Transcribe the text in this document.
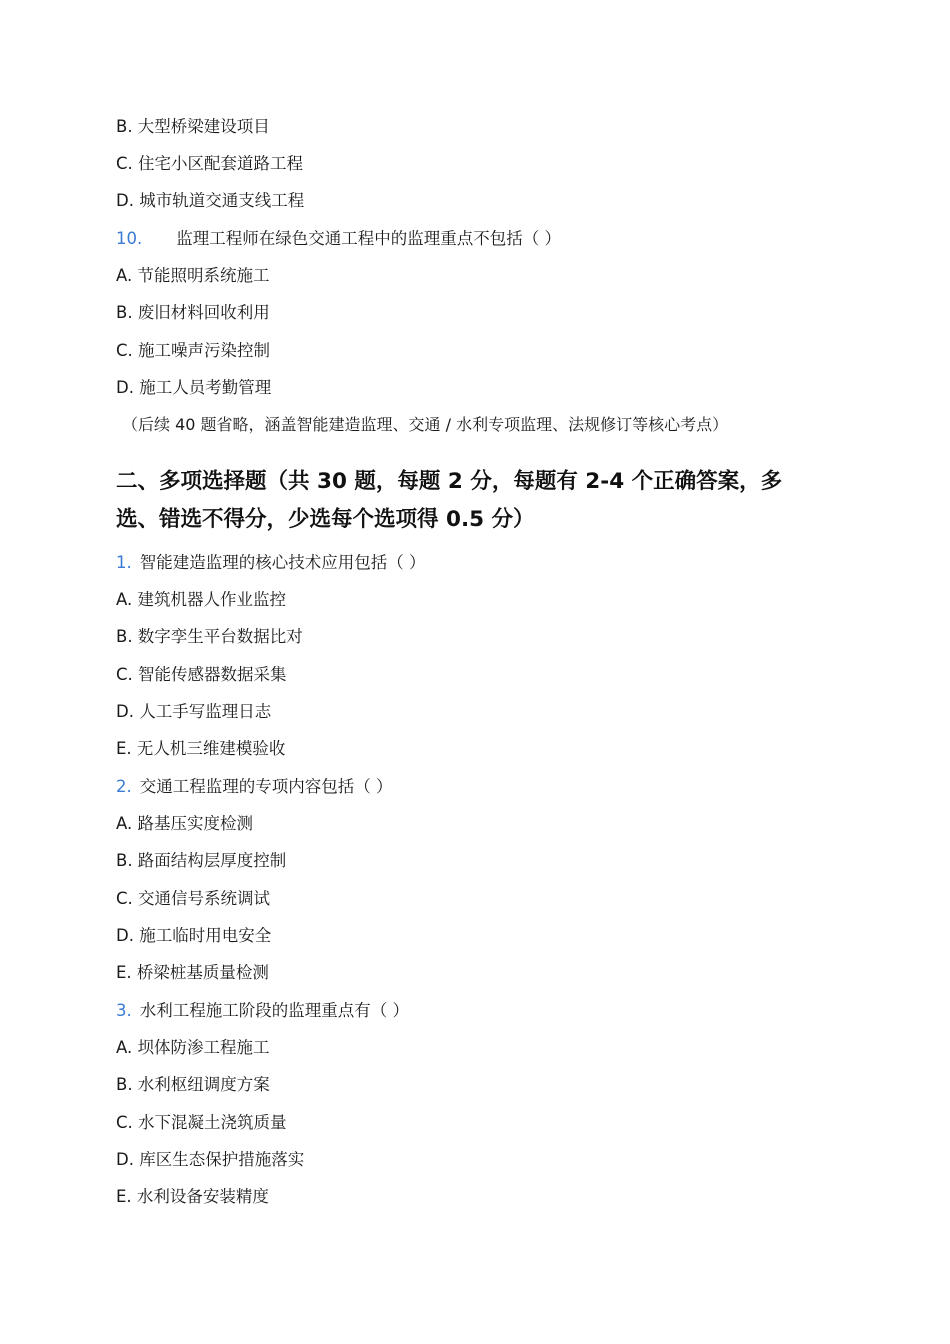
B. 大型桥梁建设项目
C. 住宅小区配套道路工程
D. 城市轨道交通支线工程
10. 监理工程师在绿色交通工程中的监理重点不包括（ ）
A. 节能照明系统施工
B. 废旧材料回收利用
C. 施工噪声污染控制
D. 施工人员考勤管理
（后续 40 题省略，涵盖智能建造监理、交通 / 水利专项监理、法规修订等核心考点）
二、多项选择题（共 30 题，每题 2 分，每题有 2-4 个正确答案，多
选、错选不得分，少选每个选项得 0.5 分）
1. 智能建造监理的核心技术应用包括（ ）
A. 建筑机器人作业监控
B. 数字孪生平台数据比对
C. 智能传感器数据采集
D. 人工手写监理日志
E. 无人机三维建模验收
2. 交通工程监理的专项内容包括（ ）
A. 路基压实度检测
B. 路面结构层厚度控制
C. 交通信号系统调试
D. 施工临时用电安全
E. 桥梁桩基质量检测
3. 水利工程施工阶段的监理重点有（ ）
A. 坝体防渗工程施工
B. 水利枢纽调度方案
C. 水下混凝土浇筑质量
D. 库区生态保护措施落实
E. 水利设备安装精度
